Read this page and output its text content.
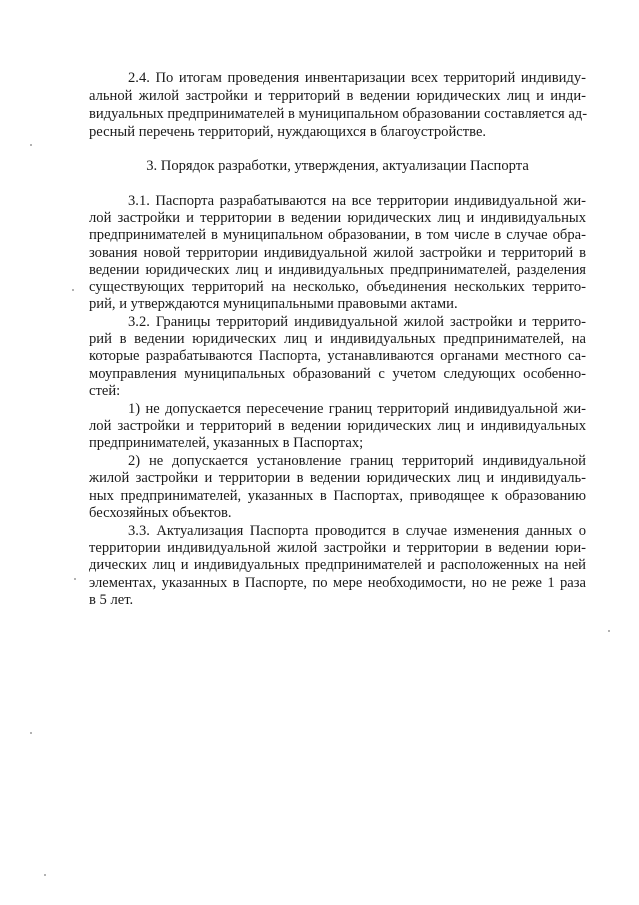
2.4. По итогам проведения инвентаризации всех территорий индивиду-

альной жилой застройки и территорий в ведении юридических лиц и инди-

видуальных предпринимателей в муниципальном образовании составляется ад-

ресный перечень территорий, нуждающихся в благоустройстве.

3. Порядок разработки, утверждения, актуализации Паспорта

3.1. Паспорта разрабатываются на все территории индивидуальной жи-

лой застройки и территории в ведении юридических лиц и индивидуальных

предпринимателей в муниципальном образовании, в том числе в случае обра-

зования новой территории индивидуальной жилой застройки и территорий в

ведении юридических лиц и индивидуальных предпринимателей, разделения

существующих территорий на несколько, объединения нескольких террито-

рий, и утверждаются муниципальными правовыми актами.

3.2. Границы территорий индивидуальной жилой застройки и террито-

рий в ведении юридических лиц и индивидуальных предпринимателей, на

которые разрабатываются Паспорта, устанавливаются органами местного са-

моуправления муниципальных образований с учетом следующих особенно-

стей:

1) не допускается пересечение границ территорий индивидуальной жи-

лой застройки и территорий в ведении юридических лиц и индивидуальных

предпринимателей, указанных в Паспортах;

2) не допускается установление границ территорий индивидуальной

жилой застройки и территории в ведении юридических лиц и индивидуаль-

ных предпринимателей, указанных в Паспортах, приводящее к образованию

бесхозяйных объектов.

3.3. Актуализация Паспорта проводится в случае изменения данных о

территории индивидуальной жилой застройки и территории в ведении юри-

дических лиц и индивидуальных предпринимателей и расположенных на ней

элементах, указанных в Паспорте, по мере необходимости, но не реже 1 раза

в 5 лет.
